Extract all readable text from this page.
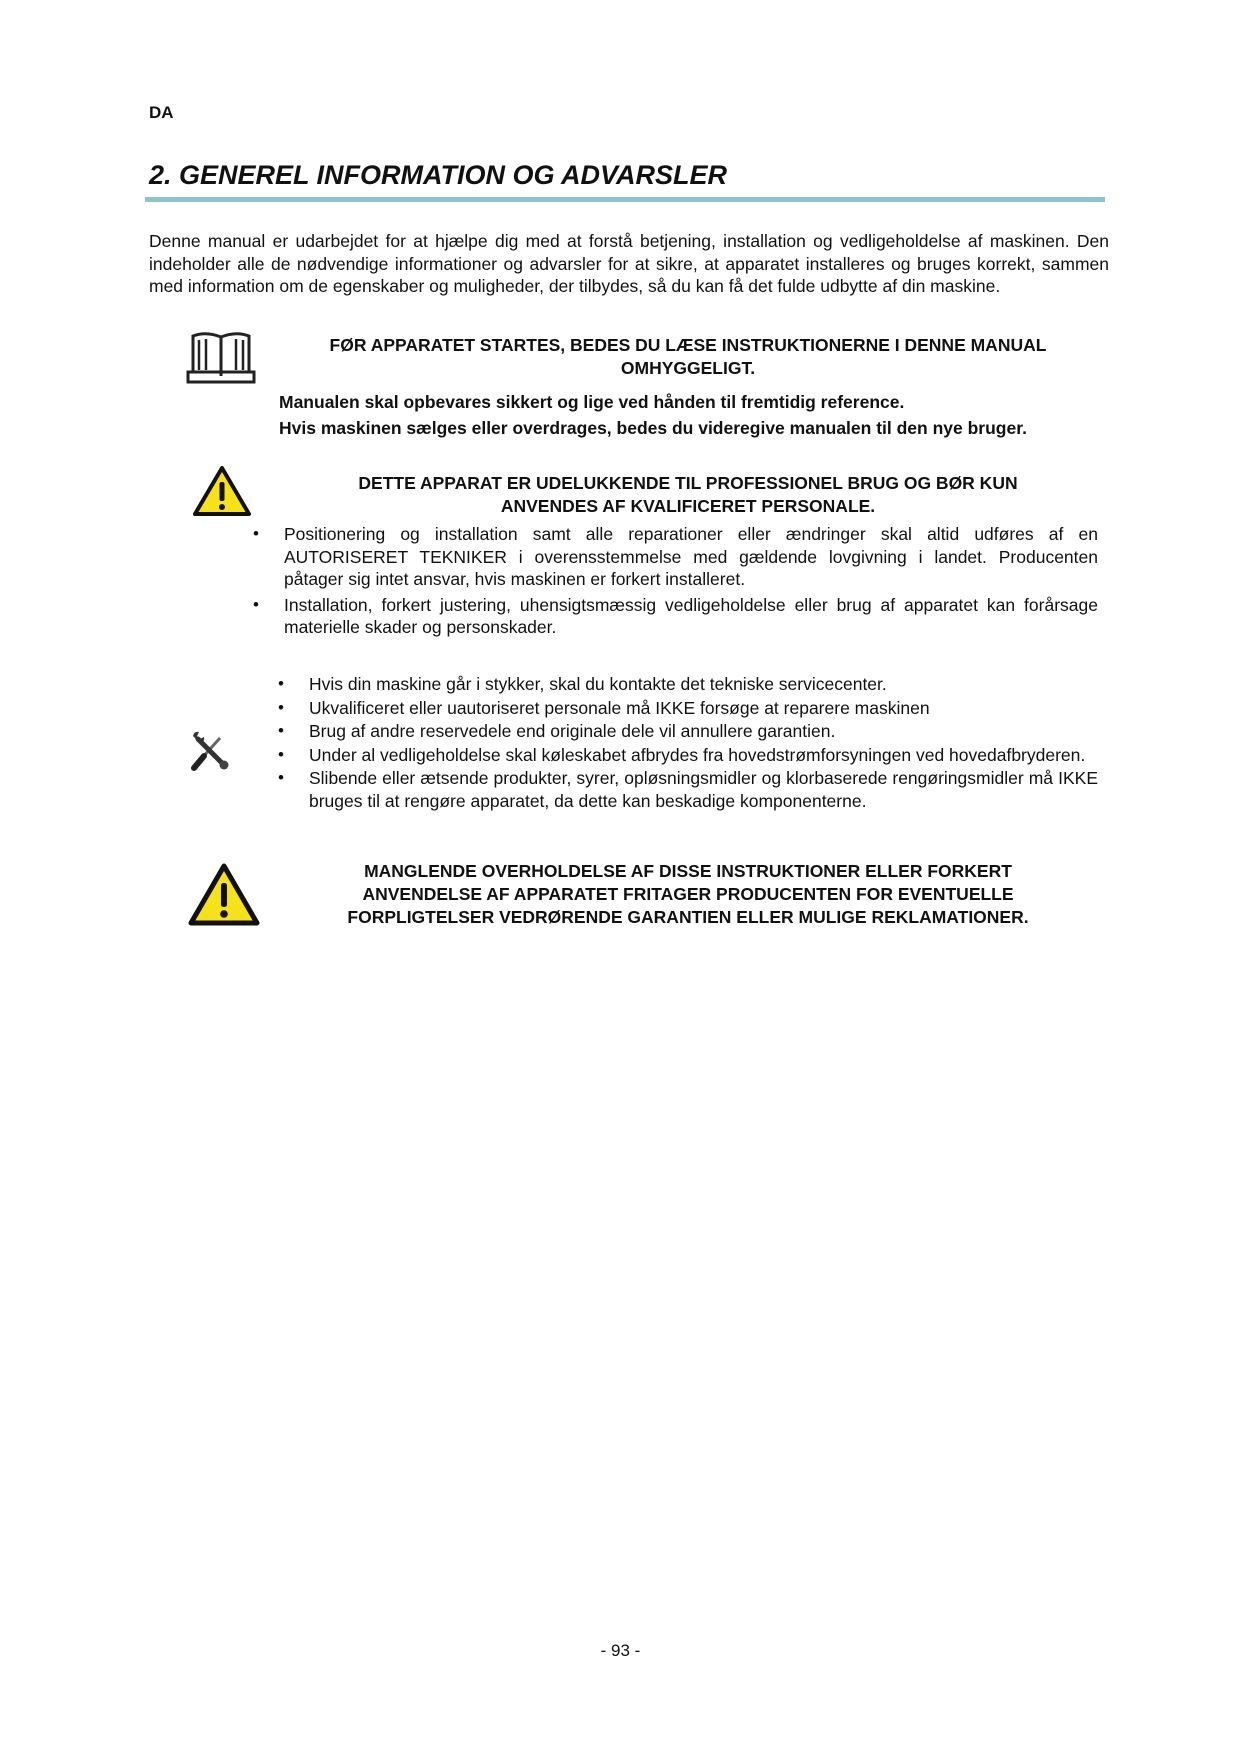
DA
2. GENEREL INFORMATION OG ADVARSLER
Denne manual er udarbejdet for at hjælpe dig med at forstå betjening, installation og vedligeholdelse af maskinen. Den indeholder alle de nødvendige informationer og advarsler for at sikre, at apparatet installeres og bruges korrekt, sammen med information om de egenskaber og muligheder, der tilbydes, så du kan få det fulde udbytte af din maskine.
FØR APPARATET STARTES, BEDES DU LÆSE INSTRUKTIONERNE I DENNE MANUAL
OMHYGGELIGT.
Manualen skal opbevares sikkert og lige ved hånden til fremtidig reference.
Hvis maskinen sælges eller overdrages, bedes du videregive manualen til den nye bruger.
DETTE APPARAT ER UDELUKKENDE TIL PROFESSIONEL BRUG OG BØR KUN
ANVENDES AF KVALIFICERET PERSONALE.
• Positionering og installation samt alle reparationer eller ændringer skal altid udføres af en AUTORISERET TEKNIKER i overensstemmelse med gældende lovgivning i landet. Producenten påtager sig intet ansvar, hvis maskinen er forkert installeret.
• Installation, forkert justering, uhensigtsmæssig vedligeholdelse eller brug af apparatet kan forårsage materielle skader og personskader.
• Hvis din maskine går i stykker, skal du kontakte det tekniske servicecenter.
• Ukvalificeret eller uautoriseret personale må IKKE forsøge at reparere maskinen
• Brug af andre reservedele end originale dele vil annullere garantien.
• Under al vedligeholdelse skal køleskabet afbrydes fra hovedstrømforsyningen ved hovedafbryderen.
• Slibende eller ætsende produkter, syrer, opløsningsmidler og klorbaserede rengøringsmidler må IKKE bruges til at rengøre apparatet, da dette kan beskadige komponenterne.
MANGLENDE OVERHOLDELSE AF DISSE INSTRUKTIONER ELLER FORKERT
ANVENDELSE AF APPARATET FRITAGER PRODUCENTEN FOR EVENTUELLE
FORPLIGTELSER VEDRØRENDE GARANTIEN ELLER MULIGE REKLAMATIONER.
- 93 -
